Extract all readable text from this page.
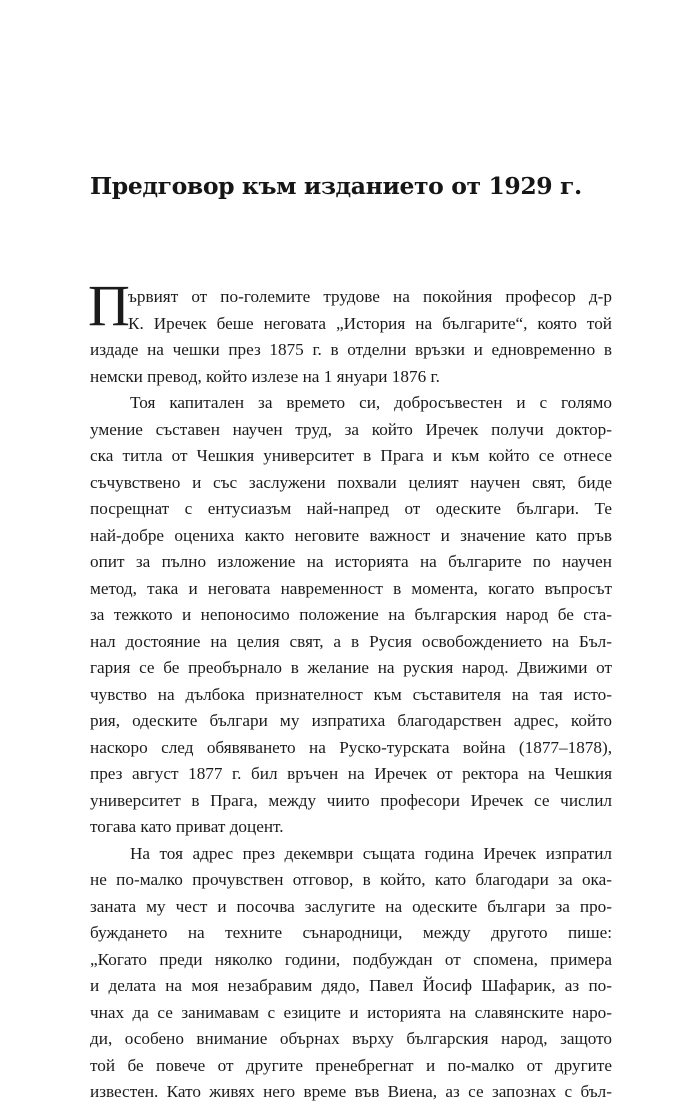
Предговор към изданието от 1929 г.
П
ървият от по-големите трудове на покойния професор д-р
К. Иречек беше неговата „История на българите“, която той
издаде на чешки през 1875 г. в отделни връзки и едновременно в
немски превод, който излезе на 1 януари 1876 г.
Тоя капитален за времето си, добросъвестен и с голямо
умение съставен научен труд, за който Иречек получи доктор-
ска титла от Чешкия университет в Прага и към който се отнесе
съчувствено и със заслужени похвали целият научен свят, биде
посрещнат с ентусиазъм най-напред от одеските българи. Те
най-добре оцениха както неговите важност и значение като пръв
опит за пълно изложение на историята на българите по научен
метод, така и неговата навременност в момента, когато въпросът
за тежкото и непоносимо положение на българския народ бе ста-
нал достояние на целия свят, а в Русия освобождението на Бъл-
гария се бе преобърнало в желание на руския народ. Движими от
чувство на дълбока признателност към съставителя на тая исто-
рия, одеските българи му изпратиха благодарствен адрес, който
наскоро след обявяването на Руско-турската война (1877–1878),
през август 1877 г. бил връчен на Иречек от ректора на Чешкия
университет в Прага, между чиито професори Иречек се числил
тогава като приват доцент.
На тоя адрес през декември същата година Иречек изпратил
не по-малко прочувствен отговор, в който, като благодари за ока-
заната му чест и посочва заслугите на одеските българи за про-
буждането на техните сънародници, между другото пише:
„Когато преди няколко години, подбуждан от спомена, примера
и делата на моя незабравим дядо, Павел Йосиф Шафарик, аз по-
чнах да се занимавам с езиците и историята на славянските наро-
ди, особено внимание обърнах върху българския народ, защото
той бе повече от другите пренебрегнат и по-малко от другите
известен. Като живях него време във Виена, аз се запознах с бъл-
